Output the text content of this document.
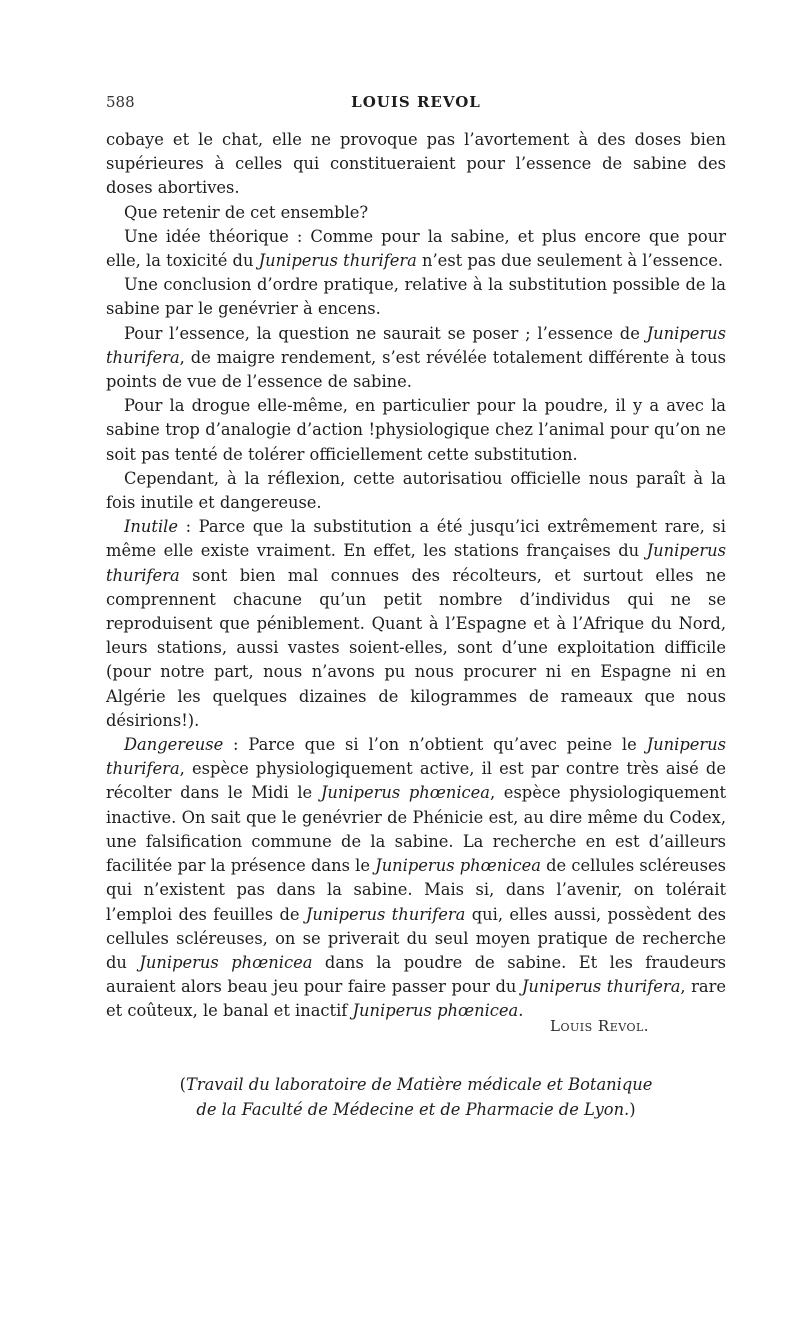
588	LOUIS REVOL

cobaye et le chat, elle ne provoque pas l’avortement à des doses bien supérieures à celles qui constitueraient pour l’essence de sabine des doses abortives.

Que retenir de cet ensemble?

Une idée théorique : Comme pour la sabine, et plus encore que pour elle, la toxicité du Juniperus thurifera n’est pas due seulement à l’essence.

Une conclusion d’ordre pratique, relative à la substitution possible de la sabine par le genévrier à encens.

Pour l’essence, la question ne saurait se poser ; l’essence de Juniperus thurifera, de maigre rendement, s’est révélée totalement différente à tous points de vue de l’essence de sabine.

Pour la drogue elle-même, en particulier pour la poudre, il y a avec la sabine trop d’analogie d’action !physiologique chez l’animal pour qu’on ne soit pas tenté de tolérer officiellement cette substitution.

Cependant, à la réflexion, cette autorisatiou officielle nous paraît à la fois inutile et dangereuse.

Inutile : Parce que la substitution a été jusqu’ici extrêmement rare, si même elle existe vraiment. En effet, les stations françaises du Juniperus thurifera sont bien mal connues des récolteurs, et surtout elles ne comprennent chacune qu’un petit nombre d’individus qui ne se reproduisent que péniblement. Quant à l’Espagne et à l’Afrique du Nord, leurs stations, aussi vastes soient-elles, sont d’une exploitation difficile (pour notre part, nous n’avons pu nous procurer ni en Espagne ni en Algérie les quelques dizaines de kilogrammes de rameaux que nous désirions!).

Dangereuse : Parce que si l’on n’obtient qu’avec peine le Juniperus thurifera, espèce physiologiquement active, il est par contre très aisé de récolter dans le Midi le Juniperus phœnicea, espèce physiologiquement inactive. On sait que le genévrier de Phénicie est, au dire même du Codex, une falsification commune de la sabine. La recherche en est d’ailleurs facilitée par la présence dans le Juniperus phœnicea de cellules scléreuses qui n’existent pas dans la sabine. Mais si, dans l’avenir, on tolérait l’emploi des feuilles de Juniperus thurifera qui, elles aussi, possèdent des cellules scléreuses, on se priverait du seul moyen pratique de recherche du Juniperus phœnicea dans la poudre de sabine. Et les fraudeurs auraient alors beau jeu pour faire passer pour du Juniperus thurifera, rare et coûteux, le banal et inactif Juniperus phœnicea.

Louis Revol.
(Travail du laboratoire de Matière médicale et Botanique
de la Faculté de Médecine et de Pharmacie de Lyon.)
